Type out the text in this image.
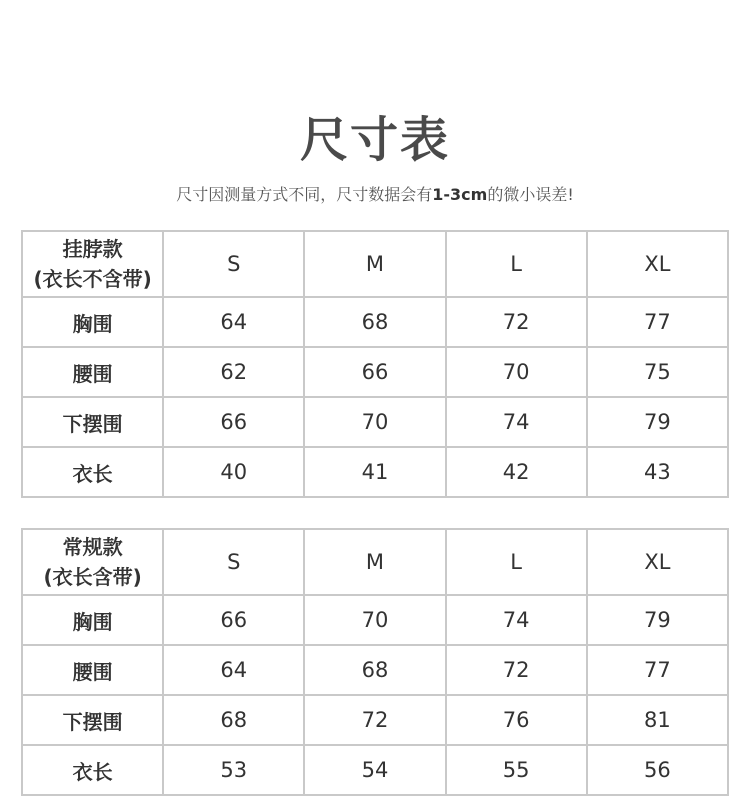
尺寸表
尺寸因测量方式不同，尺寸数据会有1-3cm的微小误差!
挂脖款
(衣长不含带)	S	M	L	XL
胸围	64	68	72	77
腰围	62	66	70	75
下摆围	66	70	74	79
衣长	40	41	42	43
常规款
(衣长含带)	S	M	L	XL
胸围	66	70	74	79
腰围	64	68	72	77
下摆围	68	72	76	81
衣长	53	54	55	56
